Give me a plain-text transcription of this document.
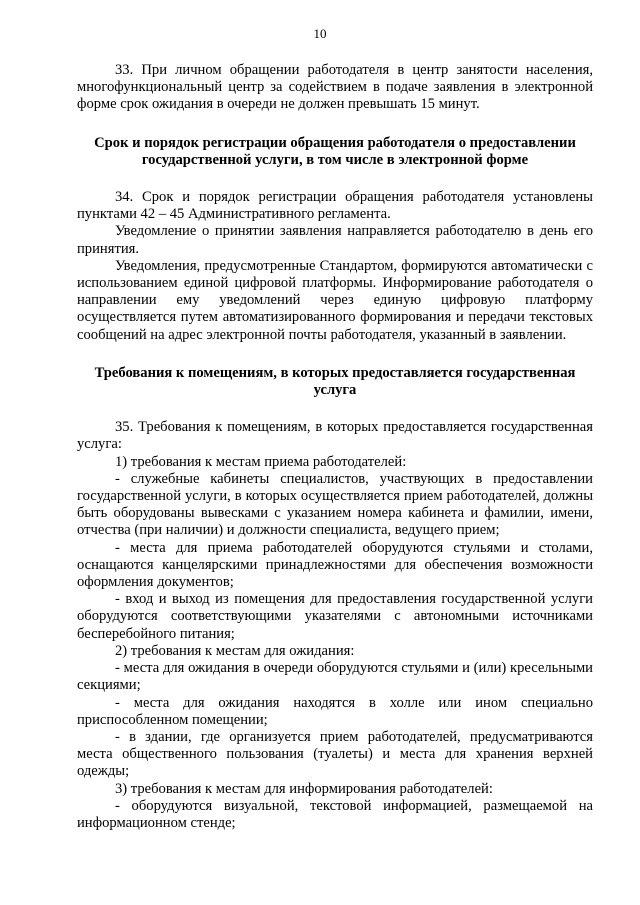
10

33. При личном обращении работодателя в центр занятости населения, многофункциональный центр за содействием в подаче заявления в электронной форме срок ожидания в очереди не должен превышать 15 минут.

Срок и порядок регистрации обращения работодателя о предоставлении государственной услуги, в том числе в электронной форме

34. Срок и порядок регистрации обращения работодателя установлены пунктами 42 – 45 Административного регламента.

Уведомление о принятии заявления направляется работодателю в день его принятия.

Уведомления, предусмотренные Стандартом, формируются автоматически с использованием единой цифровой платформы. Информирование работодателя о направлении ему уведомлений через единую цифровую платформу осуществляется путем автоматизированного формирования и передачи текстовых сообщений на адрес электронной почты работодателя, указанный в заявлении.

Требования к помещениям, в которых предоставляется государственная услуга

35. Требования к помещениям, в которых предоставляется государственная услуга:

1) требования к местам приема работодателей:

- служебные кабинеты специалистов, участвующих в предоставлении государственной услуги, в которых осуществляется прием работодателей, должны быть оборудованы вывесками с указанием номера кабинета и фамилии, имени, отчества (при наличии) и должности специалиста, ведущего прием;

- места для приема работодателей оборудуются стульями и столами, оснащаются канцелярскими принадлежностями для обеспечения возможности оформления документов;

- вход и выход из помещения для предоставления государственной услуги оборудуются соответствующими указателями с автономными источниками бесперебойного питания;

2) требования к местам для ожидания:

- места для ожидания в очереди оборудуются стульями и (или) кресельными секциями;

- места для ожидания находятся в холле или ином специально приспособленном помещении;

- в здании, где организуется прием работодателей, предусматриваются места общественного пользования (туалеты) и места для хранения верхней одежды;

3) требования к местам для информирования работодателей:

- оборудуются визуальной, текстовой информацией, размещаемой на информационном стенде;
